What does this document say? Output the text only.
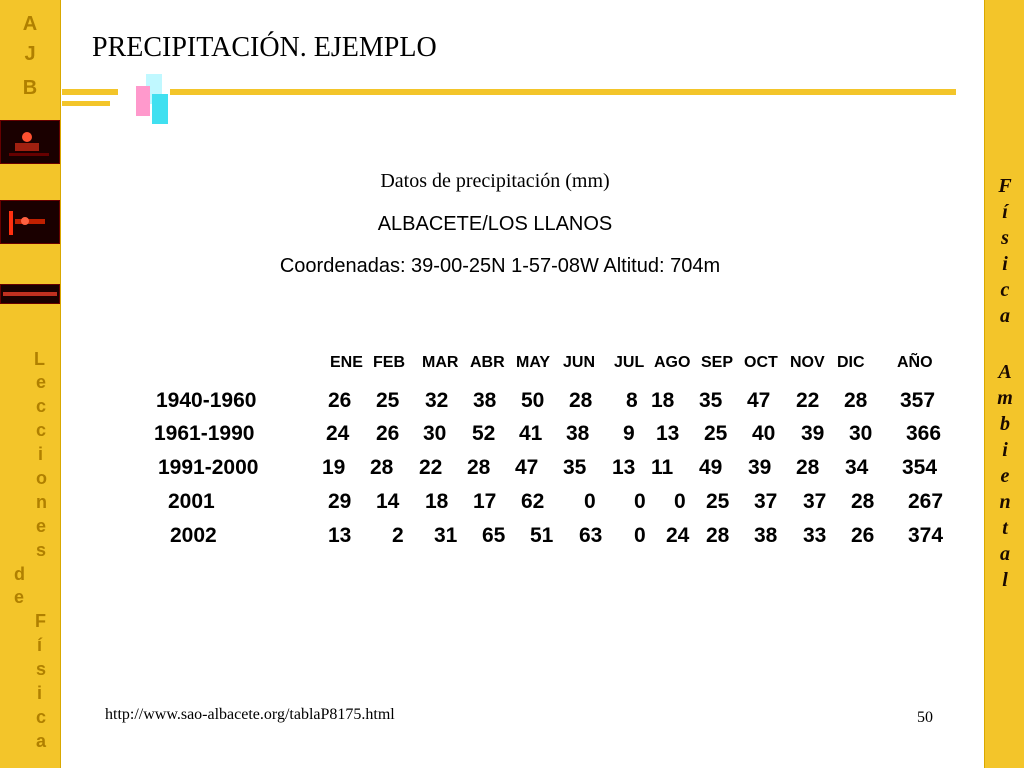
A
J
B
L
e
c
c
i
o
n
e
s
d
e
F
í
s
i
c
a
F
í
s
i
c
a
A
m
b
i
e
n
t
a
l
PRECIPITACIÓN. EJEMPLO
Datos de precipitación (mm)
ALBACETE/LOS LLANOS
Coordenadas: 39-00-25N 1-57-08W Altitud: 704m
ENE FEB MAR ABR MAY JUN JUL AGO SEP OCT NOV DIC AÑO
1940-1960	26 25 32 38 50 28 8 18 35 47 22 28 357
1961-1990	24 26 30 52 41 38 9 13 25 40 39 30 366
1991-2000	19 28 22 28 47 35 13 11 49 39 28 34 354
2001	29 14 18 17 62 0 0 0 25 37 37 28 267
2002	13 2 31 65 51 63 0 24 28 38 33 26 374
http://www.sao-albacete.org/tablaP8175.html	50
